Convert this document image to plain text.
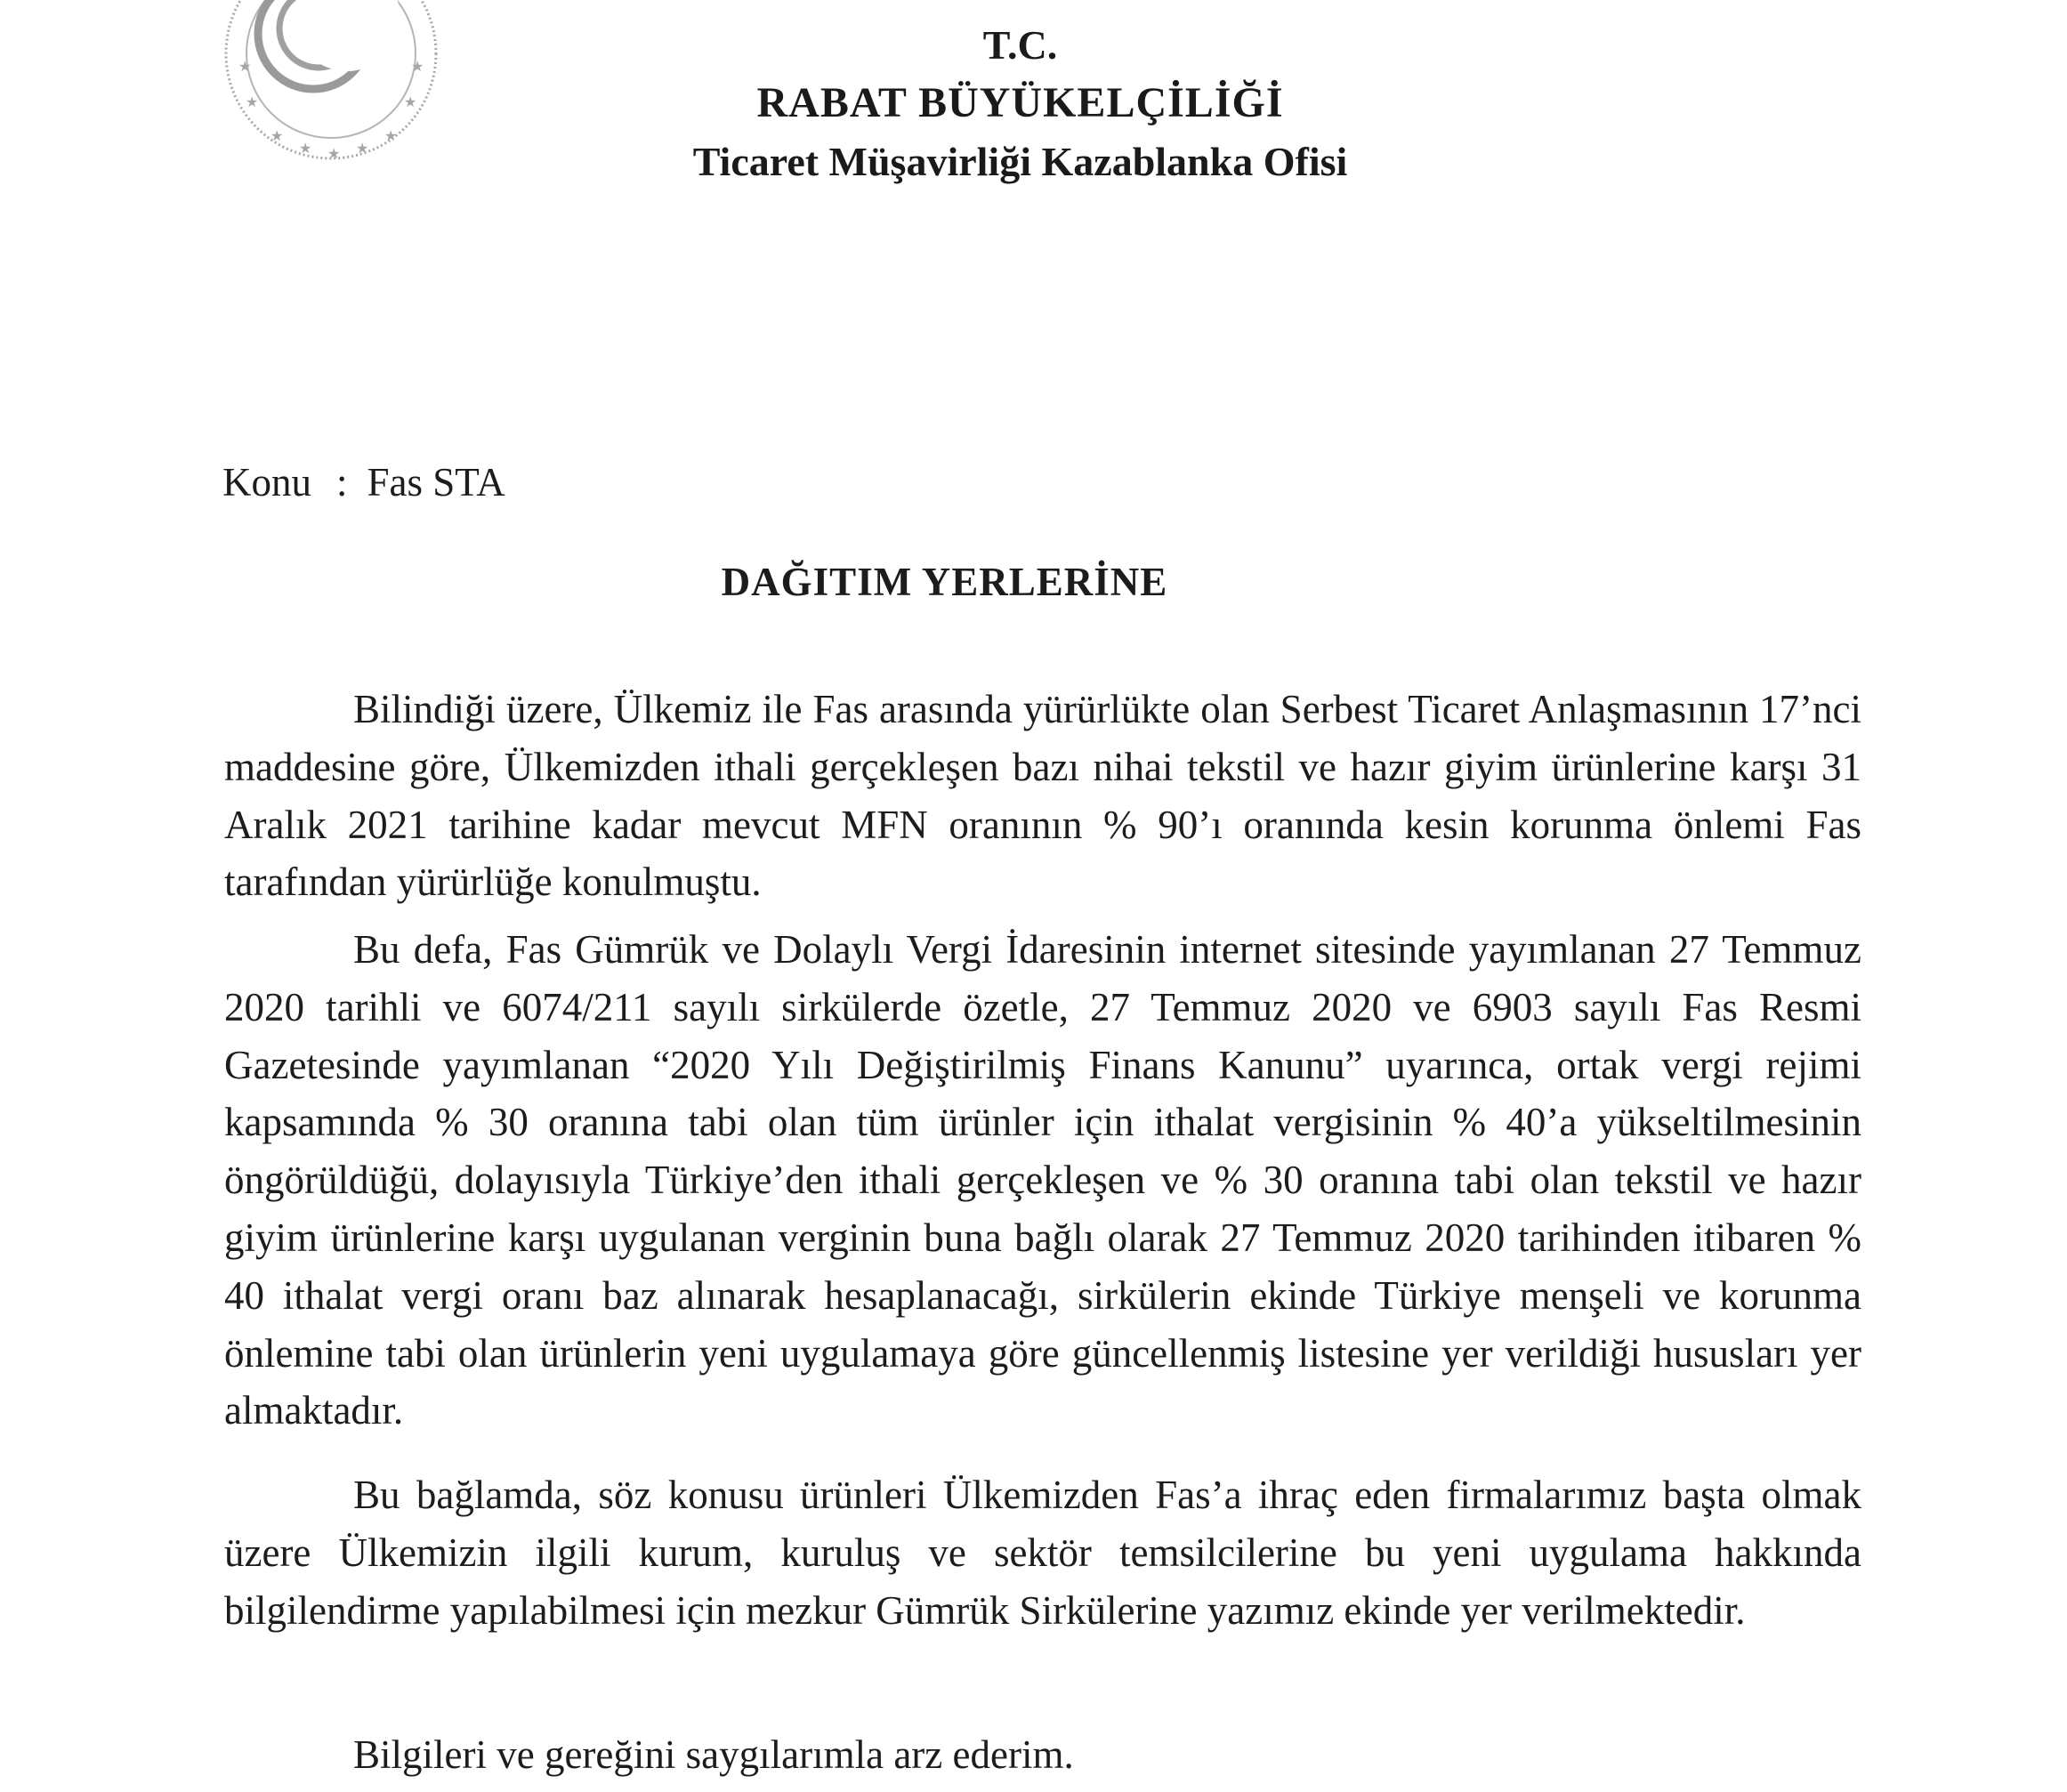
★
★ ★ ★
★
★	★
★	★
T.C.
RABAT BÜYÜKELÇİLİĞİ
Ticaret Müşavirliği Kazablanka Ofisi
Konu : Fas STA
DAĞITIM YERLERİNE

Bilindiği üzere, Ülkemiz ile Fas arasında yürürlükte olan Serbest Ticaret Anlaşmasının 17’nci maddesine göre, Ülkemizden ithali gerçekleşen bazı nihai tekstil ve hazır giyim ürünlerine karşı 31 Aralık 2021 tarihine kadar mevcut MFN oranının % 90’ı oranında kesin korunma önlemi Fas tarafından yürürlüğe konulmuştu.

Bu defa, Fas Gümrük ve Dolaylı Vergi İdaresinin internet sitesinde yayımlanan 27 Temmuz 2020 tarihli ve 6074/211 sayılı sirkülerde özetle, 27 Temmuz 2020 ve 6903 sayılı Fas Resmi Gazetesinde yayımlanan “2020 Yılı Değiştirilmiş Finans Kanunu” uyarınca, ortak vergi rejimi kapsamında % 30 oranına tabi olan tüm ürünler için ithalat vergisinin % 40’a yükseltilmesinin öngörüldüğü, dolayısıyla Türkiye’den ithali gerçekleşen ve % 30 oranına tabi olan tekstil ve hazır giyim ürünlerine karşı uygulanan verginin buna bağlı olarak 27 Temmuz 2020 tarihinden itibaren % 40 ithalat vergi oranı baz alınarak hesaplanacağı, sirkülerin ekinde Türkiye menşeli ve korunma önlemine tabi olan ürünlerin yeni uygulamaya göre güncellenmiş listesine yer verildiği hususları yer almaktadır.

Bu bağlamda, söz konusu ürünleri Ülkemizden Fas’a ihraç eden firmalarımız başta olmak üzere Ülkemizin ilgili kurum, kuruluş ve sektör temsilcilerine bu yeni uygulama hakkında bilgilendirme yapılabilmesi için mezkur Gümrük Sirkülerine yazımız ekinde yer verilmektedir.

Bilgileri ve gereğini saygılarımla arz ederim.
